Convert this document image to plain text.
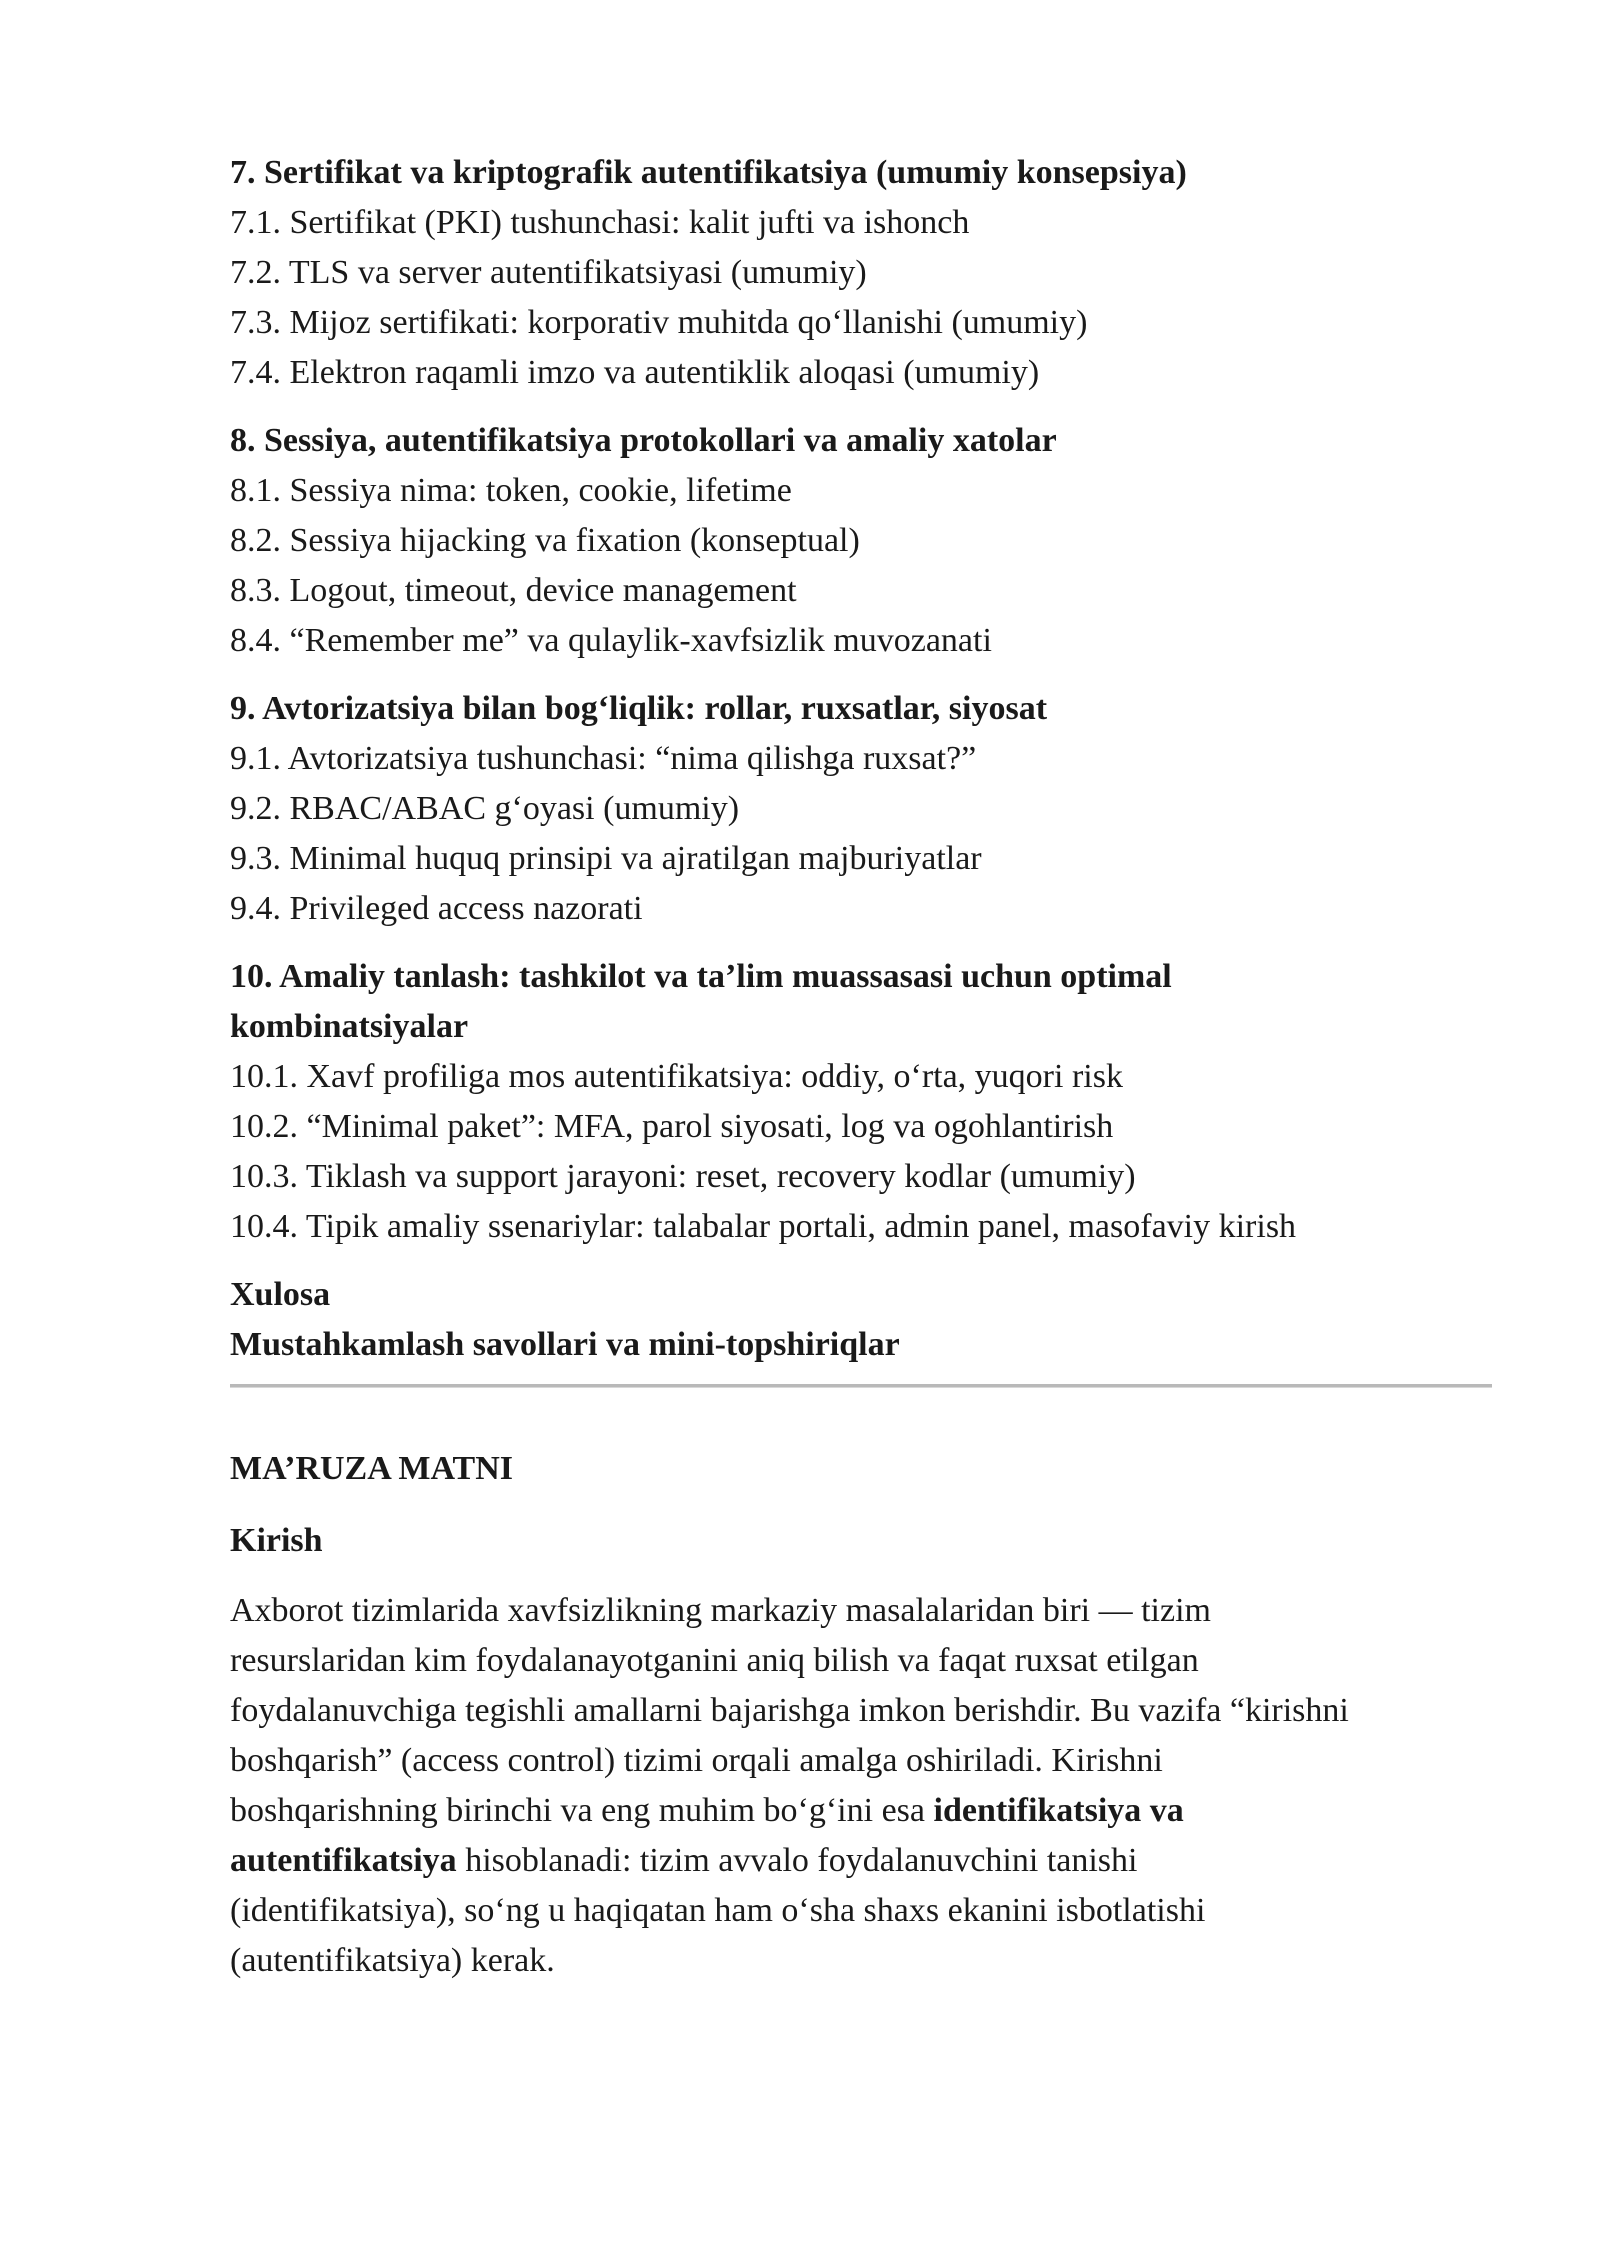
7. Sertifikat va kriptografik autentifikatsiya (umumiy konsepsiya)
7.1. Sertifikat (PKI) tushunchasi: kalit jufti va ishonch
7.2. TLS va server autentifikatsiyasi (umumiy)
7.3. Mijoz sertifikati: korporativ muhitda qo‘llanishi (umumiy)
7.4. Elektron raqamli imzo va autentiklik aloqasi (umumiy)
8. Sessiya, autentifikatsiya protokollari va amaliy xatolar
8.1. Sessiya nima: token, cookie, lifetime
8.2. Sessiya hijacking va fixation (konseptual)
8.3. Logout, timeout, device management
8.4. “Remember me” va qulaylik-xavfsizlik muvozanati
9. Avtorizatsiya bilan bog‘liqlik: rollar, ruxsatlar, siyosat
9.1. Avtorizatsiya tushunchasi: “nima qilishga ruxsat?”
9.2. RBAC/ABAC g‘oyasi (umumiy)
9.3. Minimal huquq prinsipi va ajratilgan majburiyatlar
9.4. Privileged access nazorati
10. Amaliy tanlash: tashkilot va ta’lim muassasasi uchun optimal
kombinatsiyalar
10.1. Xavf profiliga mos autentifikatsiya: oddiy, o‘rta, yuqori risk
10.2. “Minimal paket”: MFA, parol siyosati, log va ogohlantirish
10.3. Tiklash va support jarayoni: reset, recovery kodlar (umumiy)
10.4. Tipik amaliy ssenariylar: talabalar portali, admin panel, masofaviy kirish
Xulosa
Mustahkamlash savollari va mini-topshiriqlar
MA’RUZA MATNI
Kirish
Axborot tizimlarida xavfsizlikning markaziy masalalaridan biri — tizim
resurslaridan kim foydalanayotganini aniq bilish va faqat ruxsat etilgan
foydalanuvchiga tegishli amallarni bajarishga imkon berishdir. Bu vazifa “kirishni
boshqarish” (access control) tizimi orqali amalga oshiriladi. Kirishni
boshqarishning birinchi va eng muhim bo‘g‘ini esa identifikatsiya va
autentifikatsiya hisoblanadi: tizim avvalo foydalanuvchini tanishi
(identifikatsiya), so‘ng u haqiqatan ham o‘sha shaxs ekanini isbotlatishi
(autentifikatsiya) kerak.
